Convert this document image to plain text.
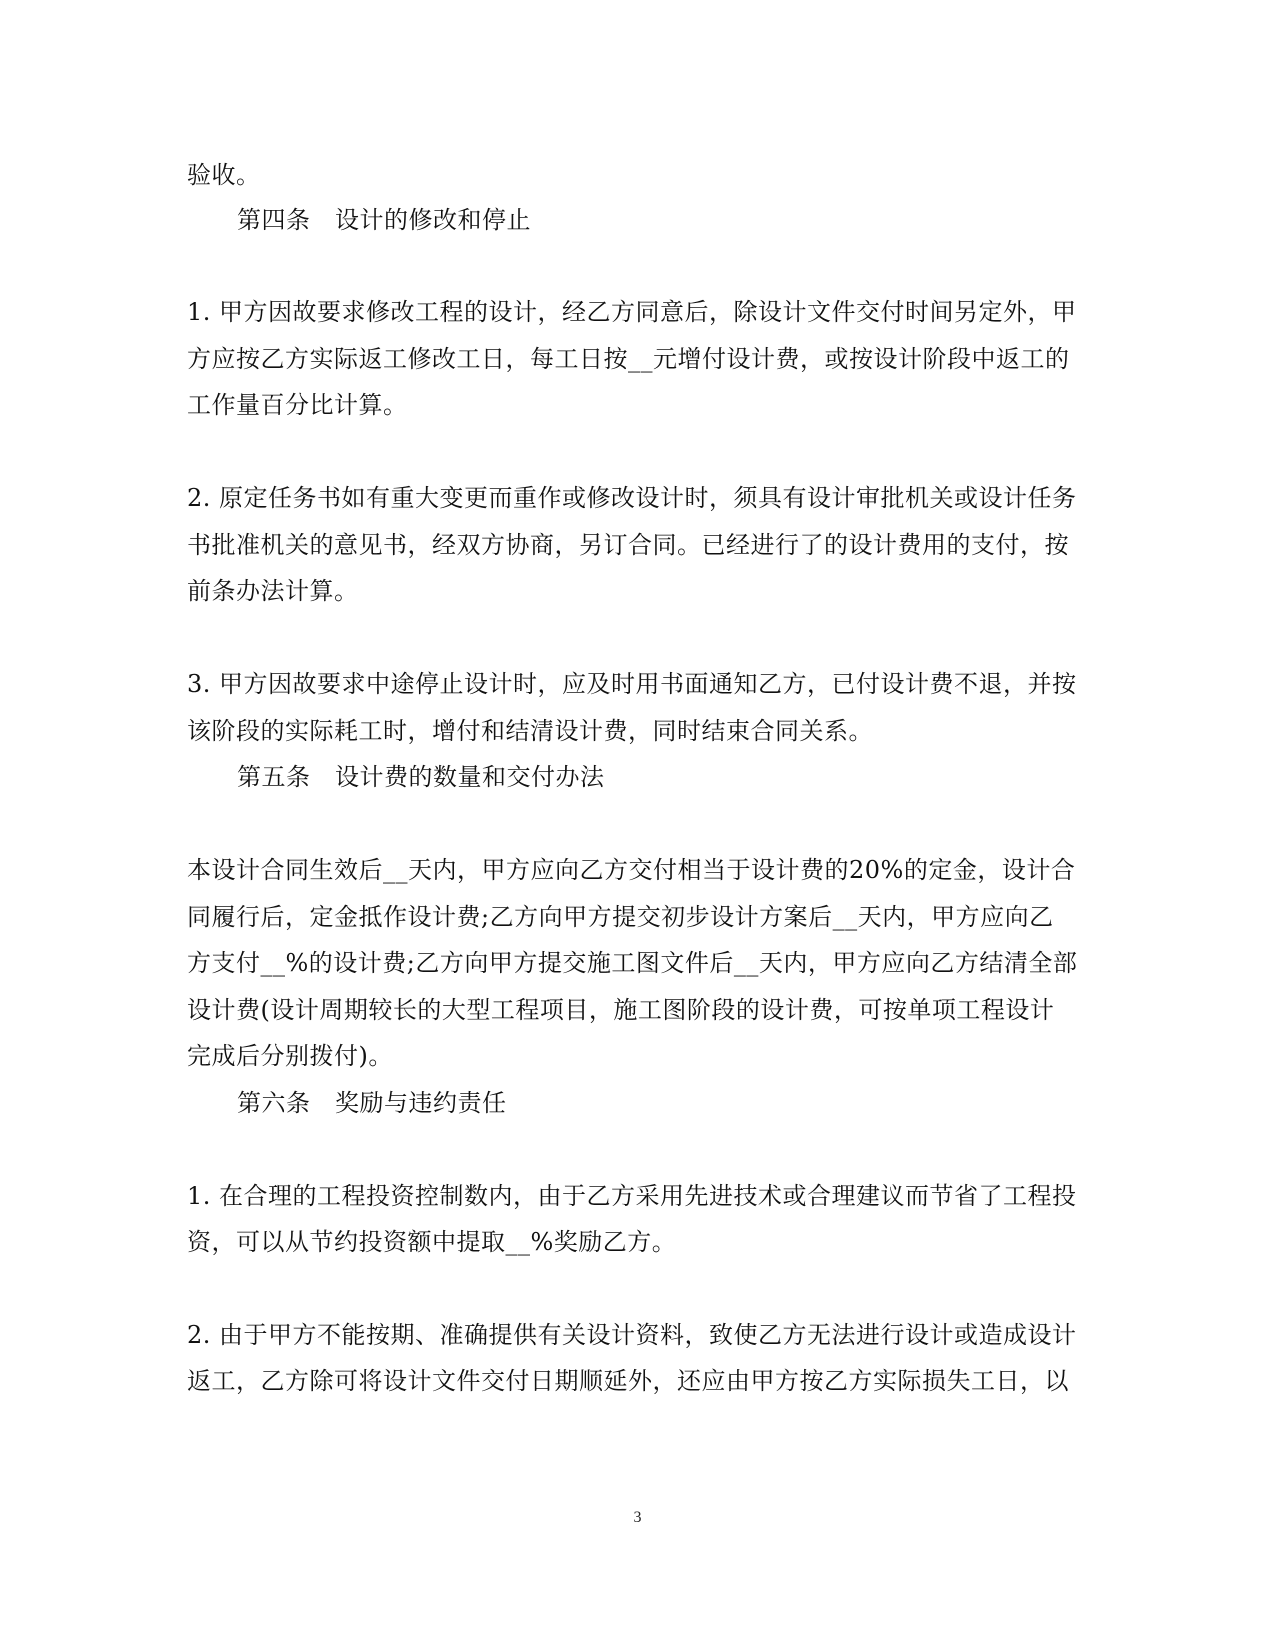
验收。
第四条　设计的修改和停止
1. 甲方因故要求修改工程的设计，经乙方同意后，除设计文件交付时间另定外，甲
方应按乙方实际返工修改工日，每工日按__元增付设计费，或按设计阶段中返工的
工作量百分比计算。
2. 原定任务书如有重大变更而重作或修改设计时，须具有设计审批机关或设计任务
书批准机关的意见书，经双方协商，另订合同。已经进行了的设计费用的支付，按
前条办法计算。
3. 甲方因故要求中途停止设计时，应及时用书面通知乙方，已付设计费不退，并按
该阶段的实际耗工时，增付和结清设计费，同时结束合同关系。
第五条　设计费的数量和交付办法
本设计合同生效后__天内，甲方应向乙方交付相当于设计费的20%的定金，设计合
同履行后，定金抵作设计费;乙方向甲方提交初步设计方案后__天内，甲方应向乙
方支付__%的设计费;乙方向甲方提交施工图文件后__天内，甲方应向乙方结清全部
设计费(设计周期较长的大型工程项目，施工图阶段的设计费，可按单项工程设计
完成后分别拨付)。
第六条　奖励与违约责任
1. 在合理的工程投资控制数内，由于乙方采用先进技术或合理建议而节省了工程投
资，可以从节约投资额中提取__%奖励乙方。
2. 由于甲方不能按期、准确提供有关设计资料，致使乙方无法进行设计或造成设计
返工，乙方除可将设计文件交付日期顺延外，还应由甲方按乙方实际损失工日，以
3
